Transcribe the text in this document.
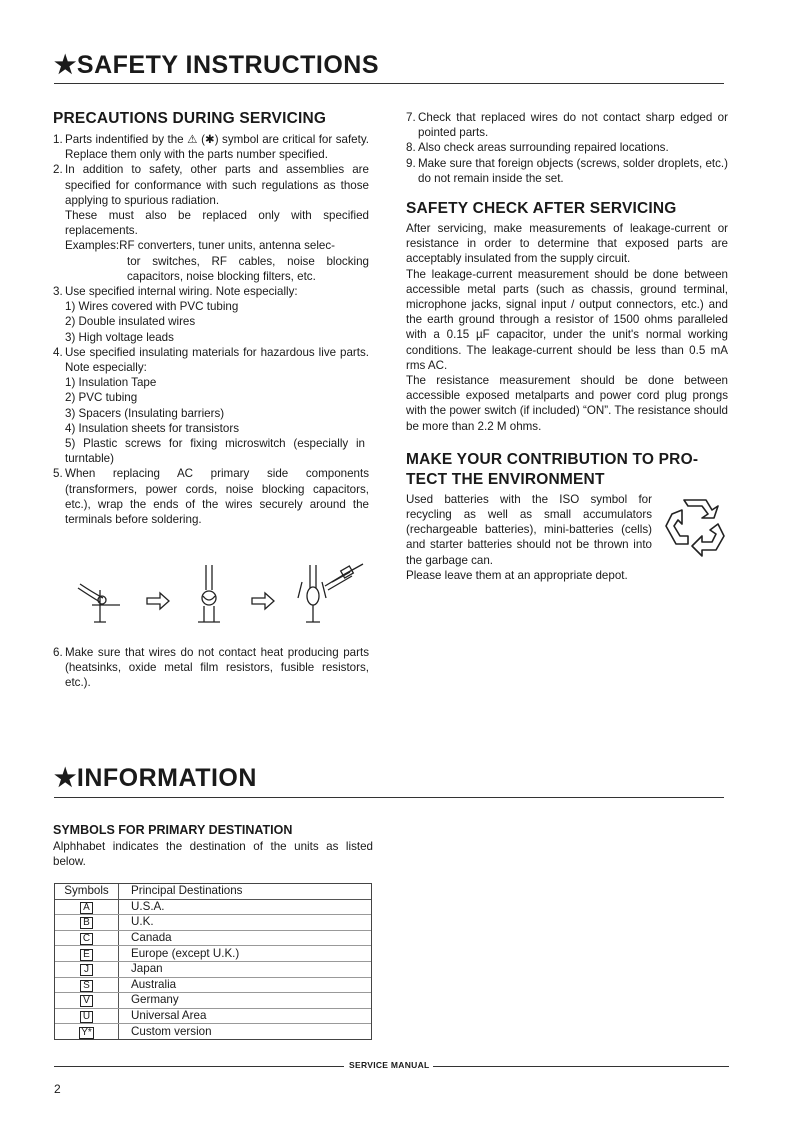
★SAFETY INSTRUCTIONS
PRECAUTIONS DURING SERVICING
1. Parts indentified by the ⚠ (✱) symbol are critical for safety. Replace them only with the parts number specified.
2. In addition to safety, other parts and assemblies are specified for conformance with such regulations as those applying to spurious radiation.
These must also be replaced only with specified replacements.
Examples:RF converters, tuner units, antenna selec-
tor switches, RF cables, noise blocking capacitors, noise blocking filters, etc.
3. Use specified internal wiring. Note especially:
1) Wires covered with PVC tubing
2) Double insulated wires
3) High voltage leads
4. Use specified insulating materials for hazardous live parts. Note especially:
1) Insulation Tape
2) PVC tubing
3) Spacers (Insulating barriers)
4) Insulation sheets for transistors
5) Plastic screws for fixing microswitch (especially in turntable)
5. When replacing AC primary side components (transformers, power cords, noise blocking capacitors, etc.), wrap the ends of the wires securely around the terminals before soldering.
6. Make sure that wires do not contact heat producing parts (heatsinks, oxide metal film resistors, fusible resistors, etc.).
7. Check that replaced wires do not contact sharp edged or pointed parts.
8. Also check areas surrounding repaired locations.
9. Make sure that foreign objects (screws, solder droplets, etc.) do not remain inside the set.
SAFETY CHECK AFTER SERVICING
After servicing, make measurements of leakage-current or resistance in order to determine that exposed parts are acceptably insulated from the supply circuit.
The leakage-current measurement should be done between accessible metal parts (such as chassis, ground terminal, microphone jacks, signal input / output connectors, etc.) and the earth ground through a resistor of 1500 ohms paralleled with a 0.15 µF capacitor, under the unit's normal working conditions. The leakage-current should be less than 0.5 mA rms AC.
The resistance measurement should be done between accessible exposed metalparts and power cord plug prongs with the power switch (if included) “ON”. The resistance should be more than 2.2 M ohms.
MAKE YOUR CONTRIBUTION TO PRO-
TECT THE ENVIRONMENT
Used batteries with the ISO symbol for recycling as well as small accumulators (rechargeable batteries), mini-batteries (cells) and starter batteries should not be thrown into the garbage can.
Please leave them at an appropriate depot.
★INFORMATION
SYMBOLS FOR PRIMARY DESTINATION
Alphhabet indicates the destination of the units as listed below.
Symbols	Principal Destinations
A	U.S.A.
B	U.K.
C	Canada
E	Europe (except U.K.)
J	Japan
S	Australia
V	Germany
U	Universal Area
Y*	Custom version
SERVICE MANUAL
2
